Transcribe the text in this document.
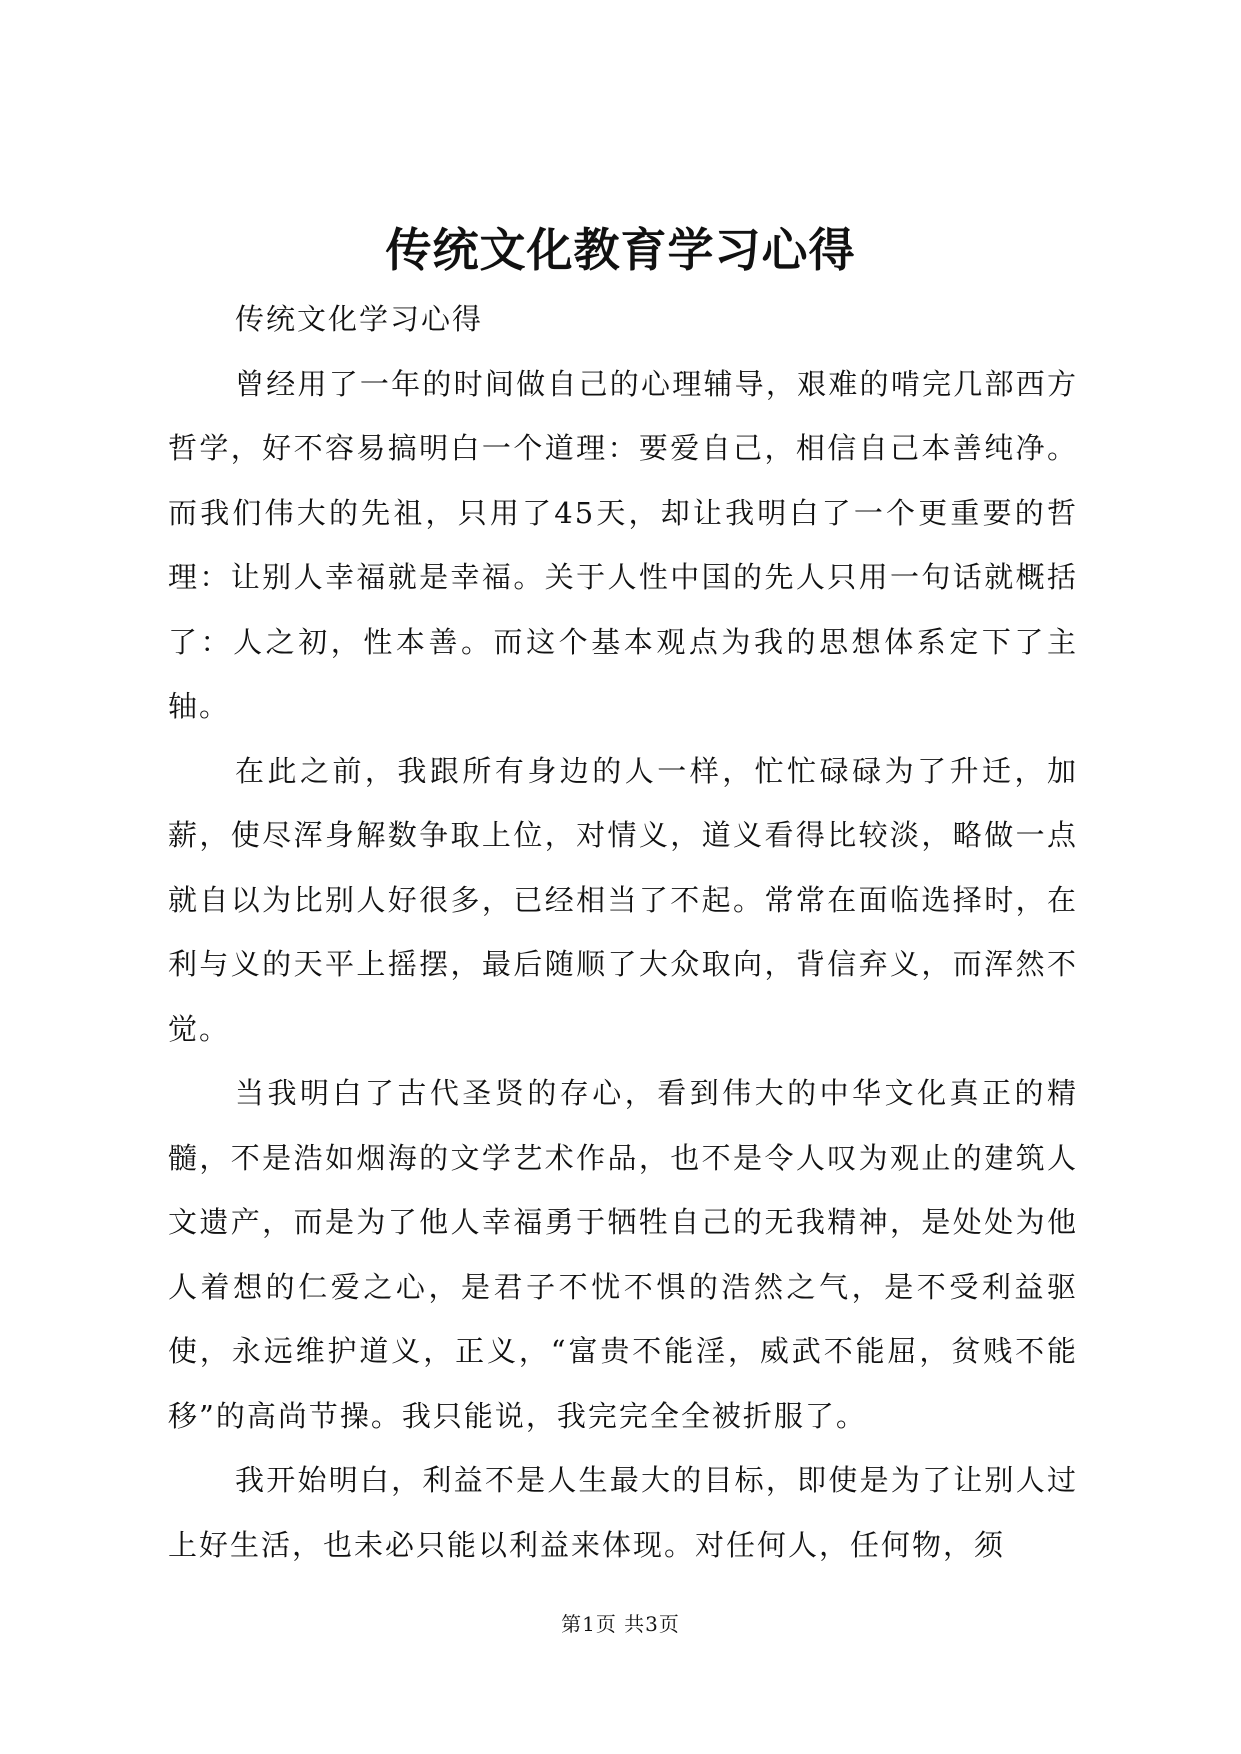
传统文化教育学习心得

传统文化学习心得

曾经用了一年的时间做自己的心理辅导，艰难的啃完几部西方哲学，好不容易搞明白一个道理：要爱自己，相信自己本善纯净。而我们伟大的先祖，只用了45天，却让我明白了一个更重要的哲理：让别人幸福就是幸福。关于人性中国的先人只用一句话就概括了：人之初，性本善。而这个基本观点为我的思想体系定下了主轴。

在此之前，我跟所有身边的人一样，忙忙碌碌为了升迁，加薪，使尽浑身解数争取上位，对情义，道义看得比较淡，略做一点就自以为比别人好很多，已经相当了不起。常常在面临选择时，在利与义的天平上摇摆，最后随顺了大众取向，背信弃义，而浑然不觉。

当我明白了古代圣贤的存心，看到伟大的中华文化真正的精髓，不是浩如烟海的文学艺术作品，也不是令人叹为观止的建筑人文遗产，而是为了他人幸福勇于牺牲自己的无我精神，是处处为他人着想的仁爱之心，是君子不忧不惧的浩然之气，是不受利益驱使，永远维护道义，正义，“富贵不能淫，威武不能屈，贫贱不能移”的高尚节操。我只能说，我完完全全被折服了。

我开始明白，利益不是人生最大的目标，即使是为了让别人过上好生活，也未必只能以利益来体现。对任何人，任何物，须

第1页 共3页
